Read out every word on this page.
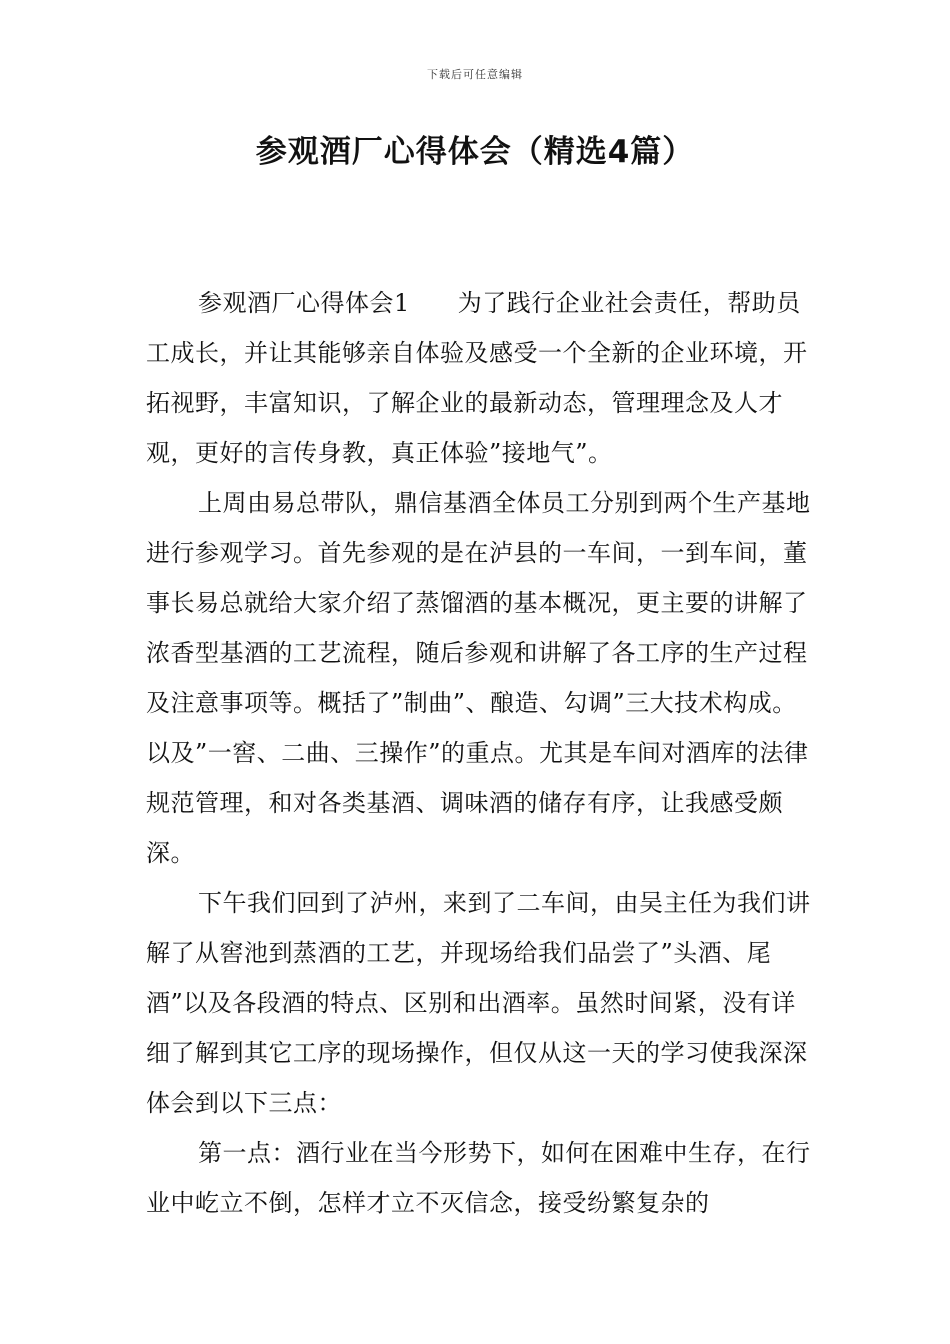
下载后可任意编辑
参观酒厂心得体会（精选4篇）

参观酒厂心得体会1 为了践行企业社会责任，帮助员工成长，并让其能够亲自体验及感受一个全新的企业环境，开拓视野，丰富知识，了解企业的最新动态，管理理念及人才观，更好的言传身教，真正体验”接地气”。

上周由易总带队，鼎信基酒全体员工分别到两个生产基地进行参观学习。首先参观的是在泸县的一车间，一到车间，董事长易总就给大家介绍了蒸馏酒的基本概况，更主要的讲解了浓香型基酒的工艺流程，随后参观和讲解了各工序的生产过程及注意事项等。概括了”制曲”、酿造、勾调”三大技术构成。以及”一窖、二曲、三操作”的重点。尤其是车间对酒库的法律规范管理，和对各类基酒、调味酒的储存有序，让我感受颇深。

下午我们回到了泸州，来到了二车间，由吴主任为我们讲解了从窖池到蒸酒的工艺，并现场给我们品尝了”头酒、尾酒”以及各段酒的特点、区别和出酒率。虽然时间紧，没有详细了解到其它工序的现场操作，但仅从这一天的学习使我深深体会到以下三点：

第一点：酒行业在当今形势下，如何在困难中生存，在行业中屹立不倒，怎样才立不灭信念，接受纷繁复杂的
